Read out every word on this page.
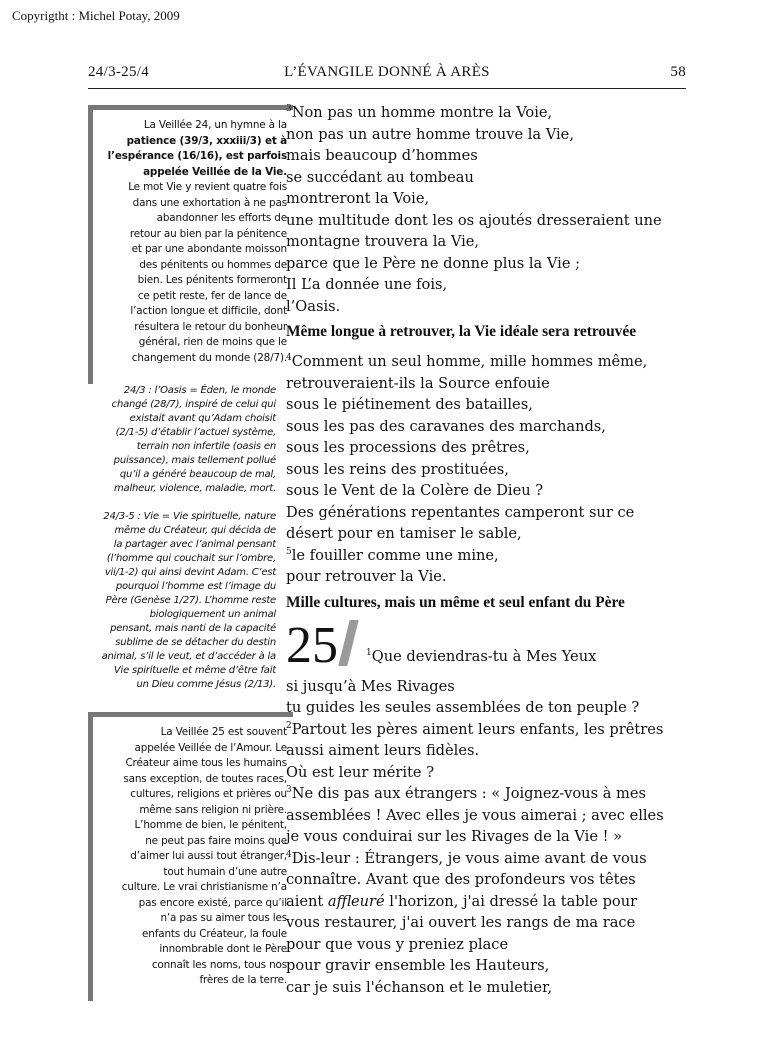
Copyrigtht : Michel Potay, 2009
24/3-25/4	L’ÉVANGILE DONNÉ À ARÈS	58
La Veillée 24, un hymne à la
patience (39/3, xxxiii/3) et à
l’espérance (16/16), est parfois
appelée Veillée de la Vie.
Le mot Vie y revient quatre fois
dans une exhortation à ne pas
abandonner les efforts de
retour au bien par la pénitence
et par une abondante moisson
des pénitents ou hommes de
bien. Les pénitents formeront
ce petit reste, fer de lance de
l’action longue et difficile, dont
résultera le retour du bonheur
général, rien de moins que le
changement du monde (28/7).
24/3 : l’Oasis = Éden, le monde
changé (28/7), inspiré de celui qui
existait avant qu’Adam choisit
(2/1-5) d’établir l’actuel système,
terrain non infertile (oasis en
puissance), mais tellement pollué
qu’il a généré beaucoup de mal,
malheur, violence, maladie, mort.
24/3-5 : Vie = Vie spirituelle, nature
même du Créateur, qui décida de
la partager avec l’animal pensant
(l’homme qui couchait sur l’ombre,
vii/1-2) qui ainsi devint Adam. C’est
pourquoi l’homme est l’image du
Père (Genèse 1/27). L’homme reste
biologiquement un animal
pensant, mais nanti de la capacité
sublime de se détacher du destin
animal, s’il le veut, et d’accéder à la
Vie spirituelle et même d’être fait
un Dieu comme Jésus (2/13).
La Veillée 25 est souvent
appelée Veillée de l’Amour. Le
Créateur aime tous les humains
sans exception, de toutes races,
cultures, religions et prières ou
même sans religion ni prière.
L’homme de bien, le pénitent,
ne peut pas faire moins que
d’aimer lui aussi tout étranger,
tout humain d’une autre
culture. Le vrai christianisme n’a
pas encore existé, parce qu’il
n’a pas su aimer tous les
enfants du Créateur, la foule
innombrable dont le Père
connaît les noms, tous nos
frères de la terre.
$^3$Non pas un homme montre la Voie,
non pas un autre homme trouve la Vie,
mais beaucoup d’hommes
se succédant au tombeau
montreront la Voie,
une multitude dont les os ajoutés dresseraient une
montagne trouvera la Vie,
parce que le Père ne donne plus la Vie ;
Il L’a donnée une fois,
l’Oasis.
Même longue à retrouver, la Vie idéale sera retrouvée
$^4$Comment un seul homme, mille hommes même,
retrouveraient-ils la Source enfouie
sous le piétinement des batailles,
sous les pas des caravanes des marchands,
sous les processions des prêtres,
sous les reins des prostituées,
sous le Vent de la Colère de Dieu ?
Des générations repentantes camperont sur ce
désert pour en tamiser le sable,
$^5$le fouiller comme une mine,
pour retrouver la Vie.
Mille cultures, mais un même et seul enfant du Père
25	$^1$Que deviendras-tu à Mes Yeux
si jusqu’à Mes Rivages
tu guides les seules assemblées de ton peuple ?
$^2$Partout les pères aiment leurs enfants, les prêtres
aussi aiment leurs fidèles.
Où est leur mérite ?
$^3$Ne dis pas aux étrangers : « Joignez-vous à mes
assemblées ! Avec elles je vous aimerai ; avec elles
je vous conduirai sur les Rivages de la Vie ! »
$^4$Dis-leur : Étrangers, je vous aime avant de vous
connaître. Avant que des profondeurs vos têtes
aient affleuré l'horizon, j'ai dressé la table pour
vous restaurer, j'ai ouvert les rangs de ma race
pour que vous y preniez place
pour gravir ensemble les Hauteurs,
car je suis l'échanson et le muletier,
